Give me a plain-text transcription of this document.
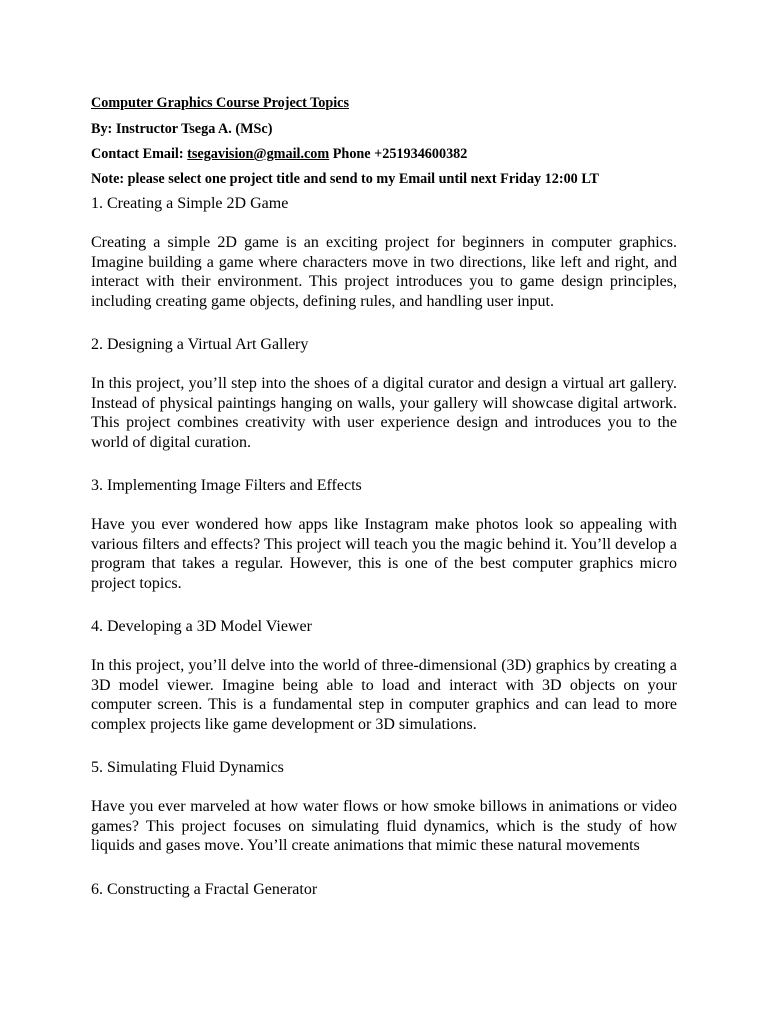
Computer Graphics Course Project Topics
By: Instructor Tsega A. (MSc)
Contact Email: tsegavision@gmail.com Phone +251934600382
Note: please select one project title and send to my Email until next Friday 12:00 LT
1. Creating a Simple 2D Game
Creating a simple 2D game is an exciting project for beginners in computer graphics. Imagine building a game where characters move in two directions, like left and right, and interact with their environment. This project introduces you to game design principles, including creating game objects, defining rules, and handling user input.
2. Designing a Virtual Art Gallery
In this project, you’ll step into the shoes of a digital curator and design a virtual art gallery. Instead of physical paintings hanging on walls, your gallery will showcase digital artwork. This project combines creativity with user experience design and introduces you to the world of digital curation.
3. Implementing Image Filters and Effects
Have you ever wondered how apps like Instagram make photos look so appealing with various filters and effects? This project will teach you the magic behind it. You’ll develop a program that takes a regular. However, this is one of the best computer graphics micro project topics.
4. Developing a 3D Model Viewer
In this project, you’ll delve into the world of three-dimensional (3D) graphics by creating a 3D model viewer. Imagine being able to load and interact with 3D objects on your computer screen. This is a fundamental step in computer graphics and can lead to more complex projects like game development or 3D simulations.
5. Simulating Fluid Dynamics
Have you ever marveled at how water flows or how smoke billows in animations or video games? This project focuses on simulating fluid dynamics, which is the study of how liquids and gases move. You’ll create animations that mimic these natural movements
6. Constructing a Fractal Generator
